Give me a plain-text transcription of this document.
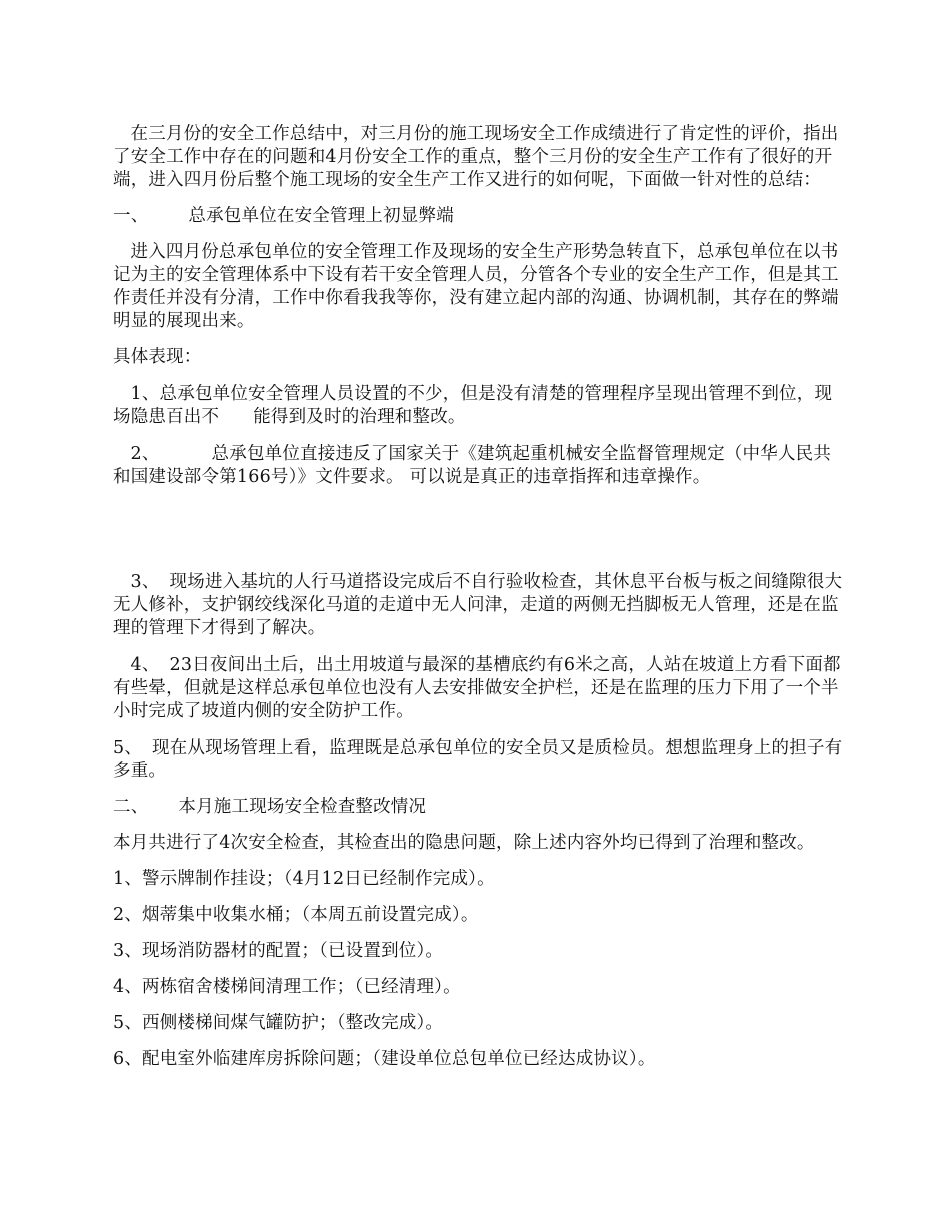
在三月份的安全工作总结中，对三月份的施工现场安全工作成绩进行了肯定性的评价，指出了安全工作中存在的问题和4月份安全工作的重点，整个三月份的安全生产工作有了很好的开端，进入四月份后整个施工现场的安全生产工作又进行的如何呢，下面做一针对性的总结：

一、 总承包单位在安全管理上初显弊端

进入四月份总承包单位的安全管理工作及现场的安全生产形势急转直下，总承包单位在以书记为主的安全管理体系中下设有若干安全管理人员，分管各个专业的安全生产工作，但是其工作责任并没有分清，工作中你看我我等你，没有建立起内部的沟通、协调机制，其存在的弊端明显的展现出来。

具体表现：

1、总承包单位安全管理人员设置的不少，但是没有清楚的管理程序呈现出管理不到位，现场隐患百出不 能得到及时的治理和整改。

2、	总承包单位直接违反了国家关于《建筑起重机械安全监督管理规定（中华人民共和国建设部令第166号）》文件要求。 可以说是真正的违章指挥和违章操作。

3、 现场进入基坑的人行马道搭设完成后不自行验收检查，其休息平台板与板之间缝隙很大无人修补，支护钢绞线深化马道的走道中无人问津，走道的两侧无挡脚板无人管理，还是在监理的管理下才得到了解决。

4、 23日夜间出土后，出土用坡道与最深的基槽底约有6米之高，人站在坡道上方看下面都有些晕，但就是这样总承包单位也没有人去安排做安全护栏，还是在监理的压力下用了一个半小时完成了坡道内侧的安全防护工作。

5、 现在从现场管理上看，监理既是总承包单位的安全员又是质检员。想想监理身上的担子有多重。

二、 本月施工现场安全检查整改情况

本月共进行了4次安全检查，其检查出的隐患问题，除上述内容外均已得到了治理和整改。

1、警示牌制作挂设；（4月12日已经制作完成）。

2、烟蒂集中收集水桶；（本周五前设置完成）。

3、现场消防器材的配置；（已设置到位）。

4、两栋宿舍楼梯间清理工作；（已经清理）。

5、西侧楼梯间煤气罐防护；（整改完成）。

6、配电室外临建库房拆除问题；（建设单位总包单位已经达成协议）。
